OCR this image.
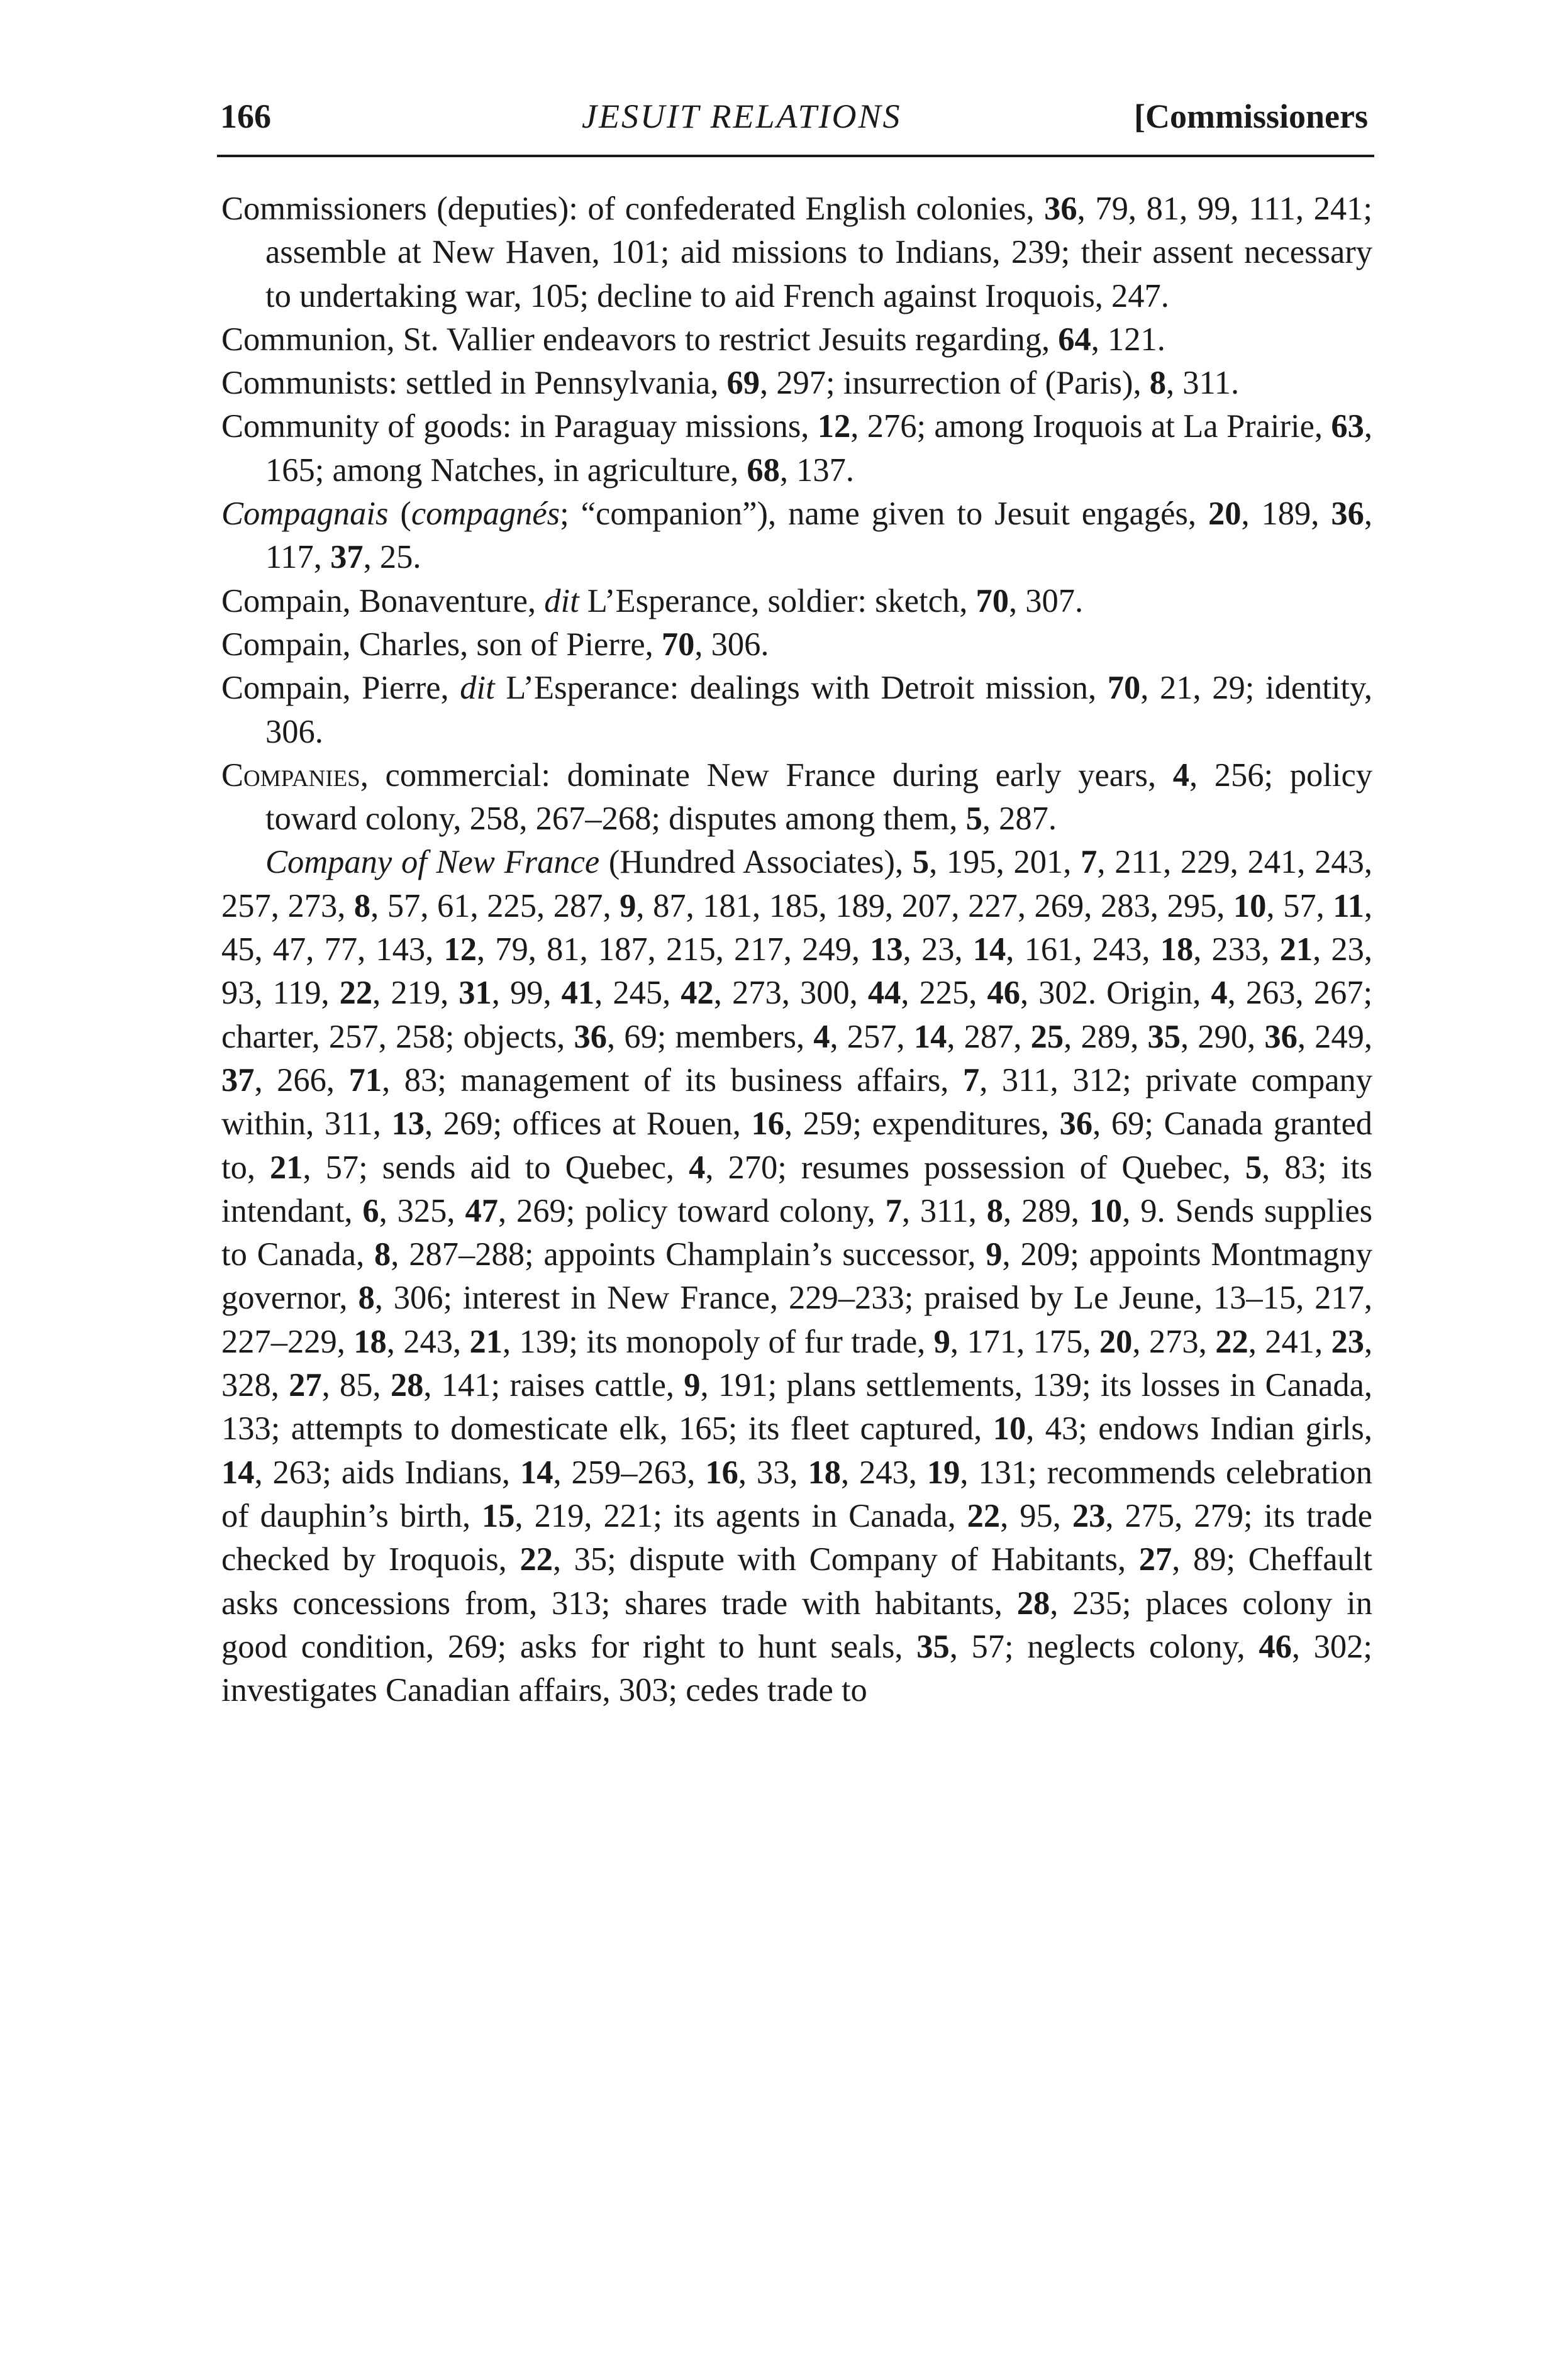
166	JESUIT RELATIONS	[Commissioners

Commissioners (deputies): of confederated English colonies, 36, 79, 81, 99, 111, 241; assemble at New Haven, 101; aid missions to Indians, 239; their assent necessary to undertaking war, 105; decline to aid French against Iroquois, 247.

Communion, St. Vallier endeavors to restrict Jesuits regarding, 64, 121.

Communists: settled in Pennsylvania, 69, 297; insurrection of (Paris), 8, 311.

Community of goods: in Paraguay missions, 12, 276; among Iroquois at La Prairie, 63, 165; among Natches, in agriculture, 68, 137.

Compagnais (compagnés; “companion”), name given to Jesuit engagés, 20, 189, 36, 117, 37, 25.

Compain, Bonaventure, dit L’Esperance, soldier: sketch, 70, 307.

Compain, Charles, son of Pierre, 70, 306.

Compain, Pierre, dit L’Esperance: dealings with Detroit mission, 70, 21, 29; identity, 306.

Companies, commercial: dominate New France during early years, 4, 256; policy toward colony, 258, 267–268; disputes among them, 5, 287.

Company of New France (Hundred Associates), 5, 195, 201, 7, 211, 229, 241, 243, 257, 273, 8, 57, 61, 225, 287, 9, 87, 181, 185, 189, 207, 227, 269, 283, 295, 10, 57, 11, 45, 47, 77, 143, 12, 79, 81, 187, 215, 217, 249, 13, 23, 14, 161, 243, 18, 233, 21, 23, 93, 119, 22, 219, 31, 99, 41, 245, 42, 273, 300, 44, 225, 46, 302. Origin, 4, 263, 267; charter, 257, 258; objects, 36, 69; members, 4, 257, 14, 287, 25, 289, 35, 290, 36, 249, 37, 266, 71, 83; management of its business affairs, 7, 311, 312; private company within, 311, 13, 269; offices at Rouen, 16, 259; expenditures, 36, 69; Canada granted to, 21, 57; sends aid to Quebec, 4, 270; resumes possession of Quebec, 5, 83; its intendant, 6, 325, 47, 269; policy toward colony, 7, 311, 8, 289, 10, 9. Sends supplies to Canada, 8, 287–288; appoints Champlain’s successor, 9, 209; appoints Montmagny governor, 8, 306; interest in New France, 229–233; praised by Le Jeune, 13–15, 217, 227–229, 18, 243, 21, 139; its monopoly of fur trade, 9, 171, 175, 20, 273, 22, 241, 23, 328, 27, 85, 28, 141; raises cattle, 9, 191; plans settlements, 139; its losses in Canada, 133; attempts to domesticate elk, 165; its fleet captured, 10, 43; endows Indian girls, 14, 263; aids Indians, 14, 259–263, 16, 33, 18, 243, 19, 131; recommends celebration of dauphin’s birth, 15, 219, 221; its agents in Canada, 22, 95, 23, 275, 279; its trade checked by Iroquois, 22, 35; dispute with Company of Habitants, 27, 89; Cheffault asks concessions from, 313; shares trade with habitants, 28, 235; places colony in good condition, 269; asks for right to hunt seals, 35, 57; neglects colony, 46, 302; investigates Canadian affairs, 303; cedes trade to
